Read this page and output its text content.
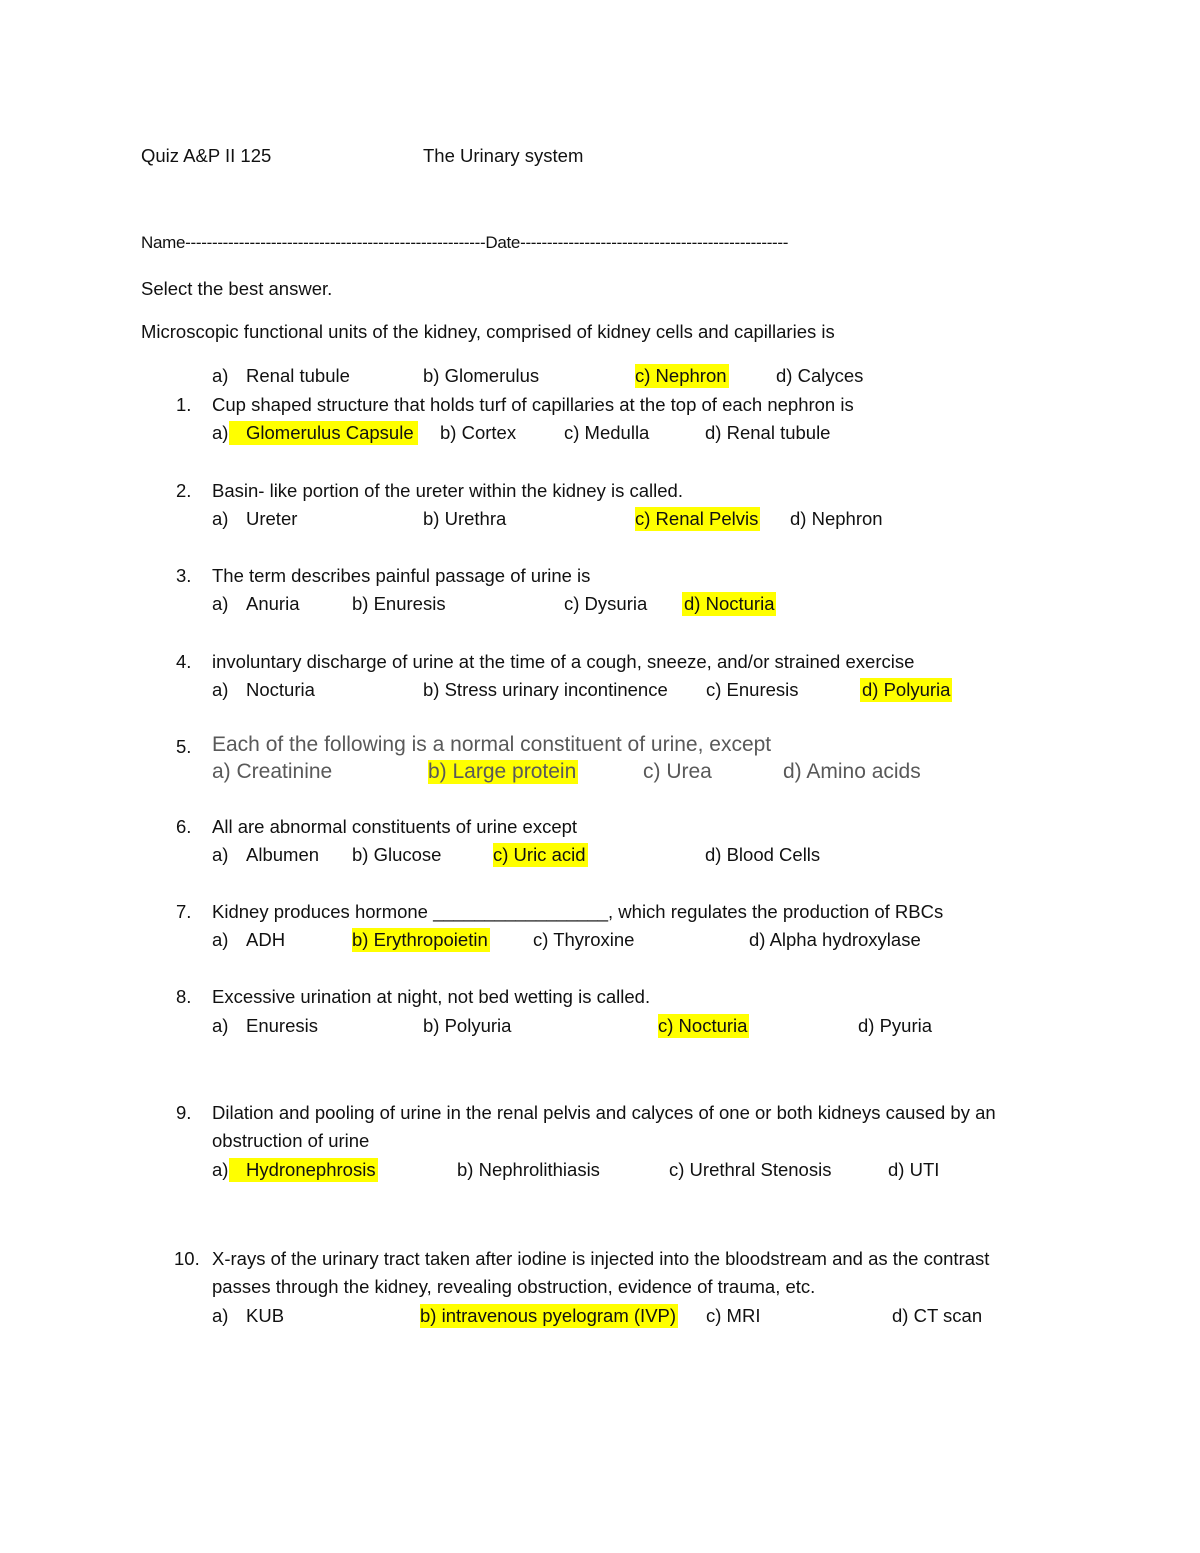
Quiz A&P II 125	The Urinary system
Name--------------------------------------------------------Date--------------------------------------------------
Select the best answer.
Microscopic functional units of the kidney, comprised of kidney cells and capillaries is
a) Renal tubule	b) Glomerulus	c) Nephron	d) Calyces
1. Cup shaped structure that holds turf of capillaries at the top of each nephron is
a) Glomerulus Capsule b) Cortex	c) Medulla	d) Renal tubule
2. Basin- like portion of the ureter within the kidney is called.
a) Ureter	b) Urethra	c) Renal Pelvis d) Nephron
3. The term describes painful passage of urine is
a) Anuria	b) Enuresis	c) Dysuria d) Nocturia
4. involuntary discharge of urine at the time of a cough, sneeze, and/or strained exercise
a) Nocturia	b) Stress urinary incontinence c) Enuresis	d) Polyuria
5. Each of the following is a normal constituent of urine, except
a) Creatinine	b) Large protein	c) Urea	d) Amino acids
6. All are abnormal constituents of urine except
a) Albumen b) Glucose	c) Uric acid	d) Blood Cells
7. Kidney produces hormone _________________, which regulates the production of RBCs
a) ADH	b) Erythropoietin c) Thyroxine	d) Alpha hydroxylase
8. Excessive urination at night, not bed wetting is called.
a) Enuresis	b) Polyuria	c) Nocturia	d) Pyuria
9. Dilation and pooling of urine in the renal pelvis and calyces of one or both kidneys caused by an
obstruction of urine
a) Hydronephrosis	b) Nephrolithiasis	c) Urethral Stenosis	d) UTI
10. X-rays of the urinary tract taken after iodine is injected into the bloodstream and as the contrast
passes through the kidney, revealing obstruction, evidence of trauma, etc.
a) KUB	b) intravenous pyelogram (IVP) c) MRI	d) CT scan
